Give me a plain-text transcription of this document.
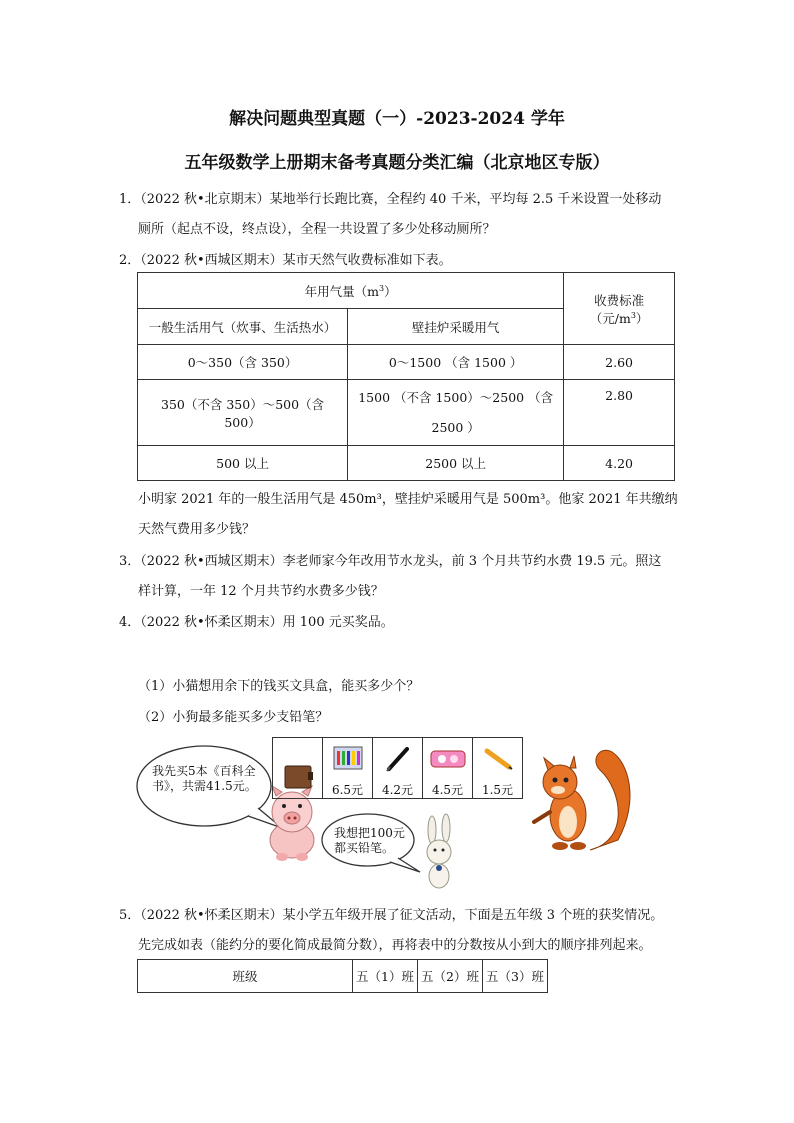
解决问题典型真题（一）-2023-2024 学年
五年级数学上册期末备考真题分类汇编（北京地区专版）
1．（2022 秋•北京期末）某地举行长跑比赛，全程约 40 千米，平均每 2.5 千米设置一处移动
厕所（起点不设，终点设），全程一共设置了多少处移动厕所？
2．（2022 秋•西城区期末）某市天然气收费标准如下表。
年用气量$(m^3)$		收费标准（元$/m^3$）
一般生活用气（炊事、生活热水）	壁挂炉采暖用气	
0～350（含 350）	0～1500 （含 1500 ）	2.60
350（不含 350）～500（含 500）	1500 （不含 1500）～2500 （含 2500 ）	2.80
500 以上	2500 以上	4.20
小明家 2021 年的一般生活用气是 450m³，壁挂炉采暖用气是 500m³。他家 2021 年共缴纳
天然气费用多少钱？
3．（2022 秋•西城区期末）李老师家今年改用节水龙头，前 3 个月共节约水费 19.5 元。照这
样计算，一年 12 个月共节约水费多少钱？
4．（2022 秋•怀柔区期末）用 100 元买奖品。
（1）小猫想用余下的钱买文具盒，能买多少个？
（2）小狗最多能买多少支铅笔？
我先买5本《百科全书》，共需41.5元。
我想把100元都买铅笔。

6.5元	4.2元	4.5元	1.5元
5．（2022 秋•怀柔区期末）某小学五年级开展了征文活动，下面是五年级 3 个班的获奖情况。
先完成如表（能约分的要化简成最简分数），再将表中的分数按从小到大的顺序排列起来。
班级	五（1）班	五（2）班	五（3）班
